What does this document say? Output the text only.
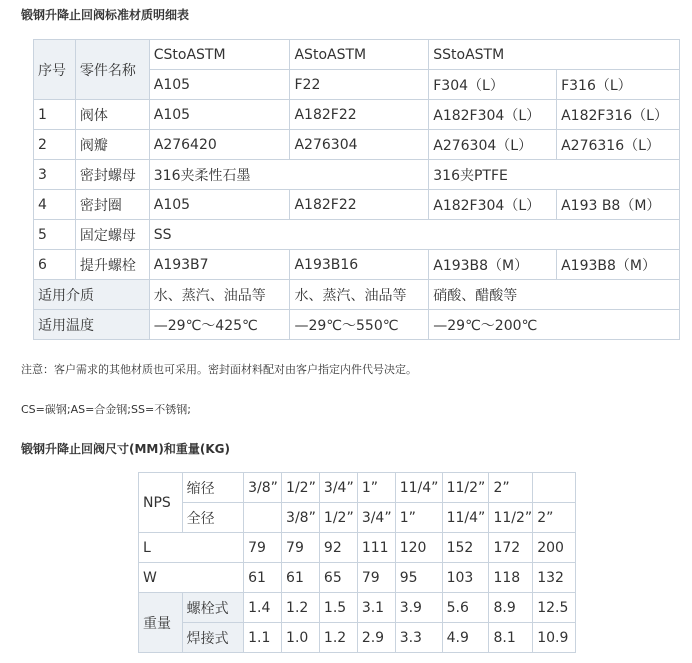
锻钢升降止回阀标准材质明细表
序号	零件名称	CStoASTM	AStoASTM	SStoASTM	
		A105	F22	F304（L）	F316（L）
1	阀体	A105	A182F22	A182F304（L）	A182F316（L）
2	阀瓣	A276420	A276304	A276304（L）	A276316（L）
3	密封螺母	316夹柔性石墨		316夹PTFE	
4	密封圈	A105	A182F22	A182F304（L）	A193 B8（M）
5	固定螺母	SS			
6	提升螺栓	A193B7	A193B16	A193B8（M）	A193B8（M）
适用介质		水、蒸汽、油品等	水、蒸汽、油品等	硝酸、醋酸等	
适用温度		—29℃～425℃	—29℃～550℃	—29℃～200℃	
注意：客户需求的其他材质也可采用。密封面材料配对由客户指定内件代号决定。
CS=碳钢;AS=合金钢;SS=不锈钢;
锻钢升降止回阀尺寸(MM)和重量(KG)
NPS	缩径	3/8”	1/2”	3/4”	1”	11/4”	11/2”	2”	
	全径		3/8”	1/2”	3/4”	1”	11/4”	11/2”	2”
L		79	79	92	111	120	152	172	200
W		61	61	65	79	95	103	118	132
重量	螺栓式	1.4	1.2	1.5	3.1	3.9	5.6	8.9	12.5
	焊接式	1.1	1.0	1.2	2.9	3.3	4.9	8.1	10.9
